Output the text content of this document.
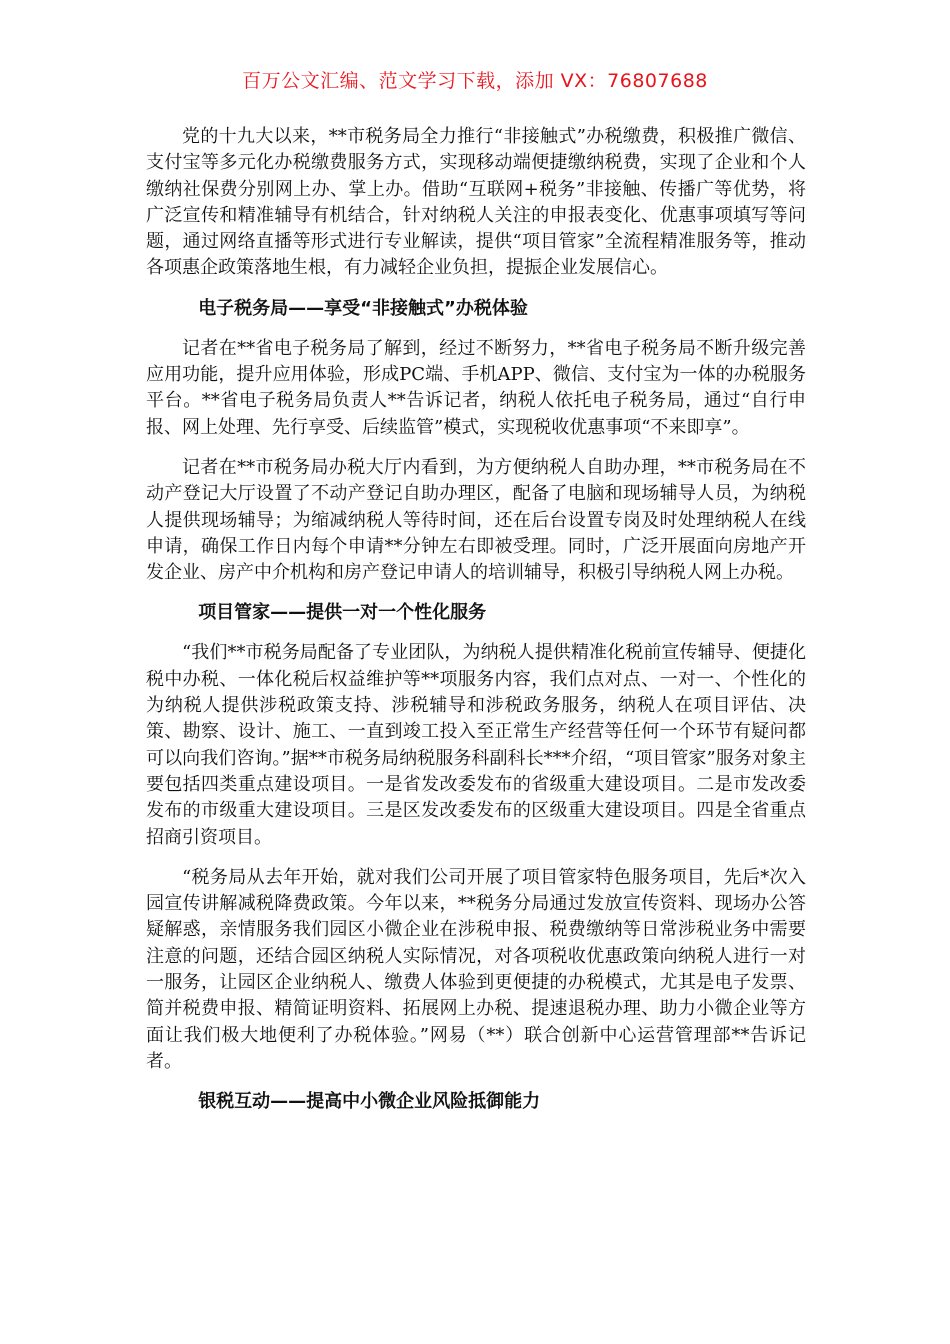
百万公文汇编、范文学习下载，添加 VX：76807688

党的十九大以来，**市税务局全力推行“非接触式”办税缴费，积极推广微信、支付宝等多元化办税缴费服务方式，实现移动端便捷缴纳税费，实现了企业和个人缴纳社保费分别网上办、掌上办。借助“互联网+税务”非接触、传播广等优势，将广泛宣传和精准辅导有机结合，针对纳税人关注的申报表变化、优惠事项填写等问题，通过网络直播等形式进行专业解读，提供“项目管家”全流程精准服务等，推动各项惠企政策落地生根，有力减轻企业负担，提振企业发展信心。

电子税务局——享受“非接触式”办税体验

记者在**省电子税务局了解到，经过不断努力，**省电子税务局不断升级完善应用功能，提升应用体验，形成PC端、手机APP、微信、支付宝为一体的办税服务平台。**省电子税务局负责人**告诉记者，纳税人依托电子税务局，通过“自行申报、网上处理、先行享受、后续监管”模式，实现税收优惠事项“不来即享”。

记者在**市税务局办税大厅内看到，为方便纳税人自助办理，**市税务局在不动产登记大厅设置了不动产登记自助办理区，配备了电脑和现场辅导人员，为纳税人提供现场辅导；为缩减纳税人等待时间，还在后台设置专岗及时处理纳税人在线申请，确保工作日内每个申请**分钟左右即被受理。同时，广泛开展面向房地产开发企业、房产中介机构和房产登记申请人的培训辅导，积极引导纳税人网上办税。

项目管家——提供一对一个性化服务

“我们**市税务局配备了专业团队，为纳税人提供精准化税前宣传辅导、便捷化税中办税、一体化税后权益维护等**项服务内容，我们点对点、一对一、个性化的为纳税人提供涉税政策支持、涉税辅导和涉税政务服务，纳税人在项目评估、决策、勘察、设计、施工、一直到竣工投入至正常生产经营等任何一个环节有疑问都可以向我们咨询。”据**市税务局纳税服务科副科长***介绍，“项目管家”服务对象主要包括四类重点建设项目。一是省发改委发布的省级重大建设项目。二是市发改委发布的市级重大建设项目。三是区发改委发布的区级重大建设项目。四是全省重点招商引资项目。

“税务局从去年开始，就对我们公司开展了项目管家特色服务项目，先后*次入园宣传讲解减税降费政策。今年以来，**税务分局通过发放宣传资料、现场办公答疑解惑，亲情服务我们园区小微企业在涉税申报、税费缴纳等日常涉税业务中需要注意的问题，还结合园区纳税人实际情况，对各项税收优惠政策向纳税人进行一对一服务，让园区企业纳税人、缴费人体验到更便捷的办税模式，尤其是电子发票、简并税费申报、精简证明资料、拓展网上办税、提速退税办理、助力小微企业等方面让我们极大地便利了办税体验。”网易（**）联合创新中心运营管理部**告诉记者。

银税互动——提高中小微企业风险抵御能力
